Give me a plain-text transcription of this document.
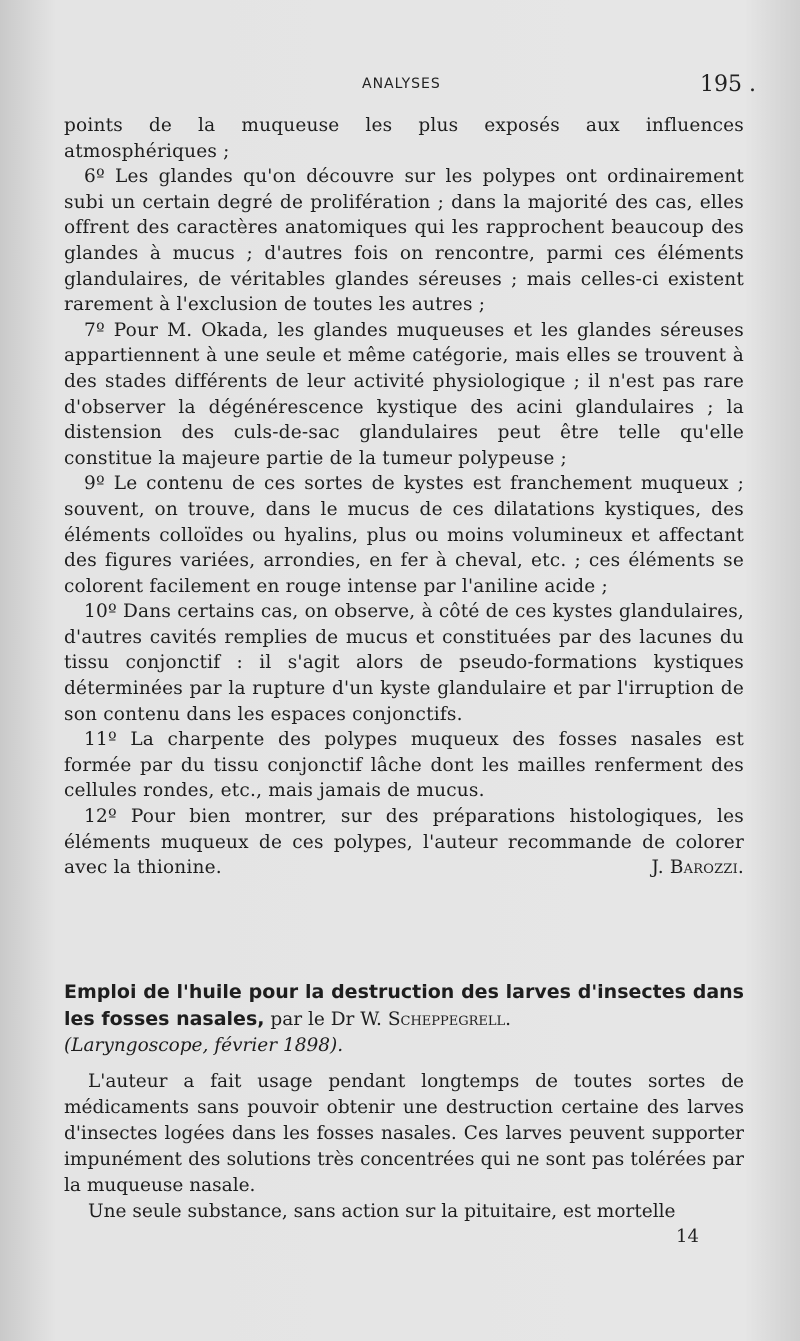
ANALYSES	195 .

points de la muqueuse les plus exposés aux influences atmosphériques ;

6º Les glandes qu'on découvre sur les polypes ont ordinairement subi un certain degré de prolifération ; dans la majorité des cas, elles offrent des caractères anatomiques qui les rapprochent beaucoup des glandes à mucus ; d'autres fois on rencontre, parmi ces éléments glandulaires, de véritables glandes séreuses ; mais celles-ci existent rarement à l'exclusion de toutes les autres ;

7º Pour M. Okada, les glandes muqueuses et les glandes séreuses appartiennent à une seule et même catégorie, mais elles se trouvent à des stades différents de leur activité physiologique ; il n'est pas rare d'observer la dégénérescence kystique des acini glandulaires ; la distension des culs-de-sac glandulaires peut être telle qu'elle constitue la majeure partie de la tumeur polypeuse ;

9º Le contenu de ces sortes de kystes est franchement muqueux ; souvent, on trouve, dans le mucus de ces dilatations kystiques, des éléments colloïdes ou hyalins, plus ou moins volumineux et affectant des figures variées, arrondies, en fer à cheval, etc. ; ces éléments se colorent facilement en rouge intense par l'aniline acide ;

10º Dans certains cas, on observe, à côté de ces kystes glandulaires, d'autres cavités remplies de mucus et constituées par des lacunes du tissu conjonctif : il s'agit alors de pseudo-formations kystiques déterminées par la rupture d'un kyste glandulaire et par l'irruption de son contenu dans les espaces conjonctifs.

11º La charpente des polypes muqueux des fosses nasales est formée par du tissu conjonctif lâche dont les mailles renferment des cellules rondes, etc., mais jamais de mucus.

12º Pour bien montrer, sur des préparations histologiques, les éléments muqueux de ces polypes, l'auteur recommande de colorer avec la thionine.	J. Barozzi.

Emploi de l'huile pour la destruction des larves d'insectes dans les fosses nasales, par le Dr W. Scheppegrell.
(Laryngoscope, février 1898).

L'auteur a fait usage pendant longtemps de toutes sortes de médicaments sans pouvoir obtenir une destruction certaine des larves d'insectes logées dans les fosses nasales. Ces larves peuvent supporter impunément des solutions très concentrées qui ne sont pas tolérées par la muqueuse nasale.

Une seule substance, sans action sur la pituitaire, est mortelle

14
